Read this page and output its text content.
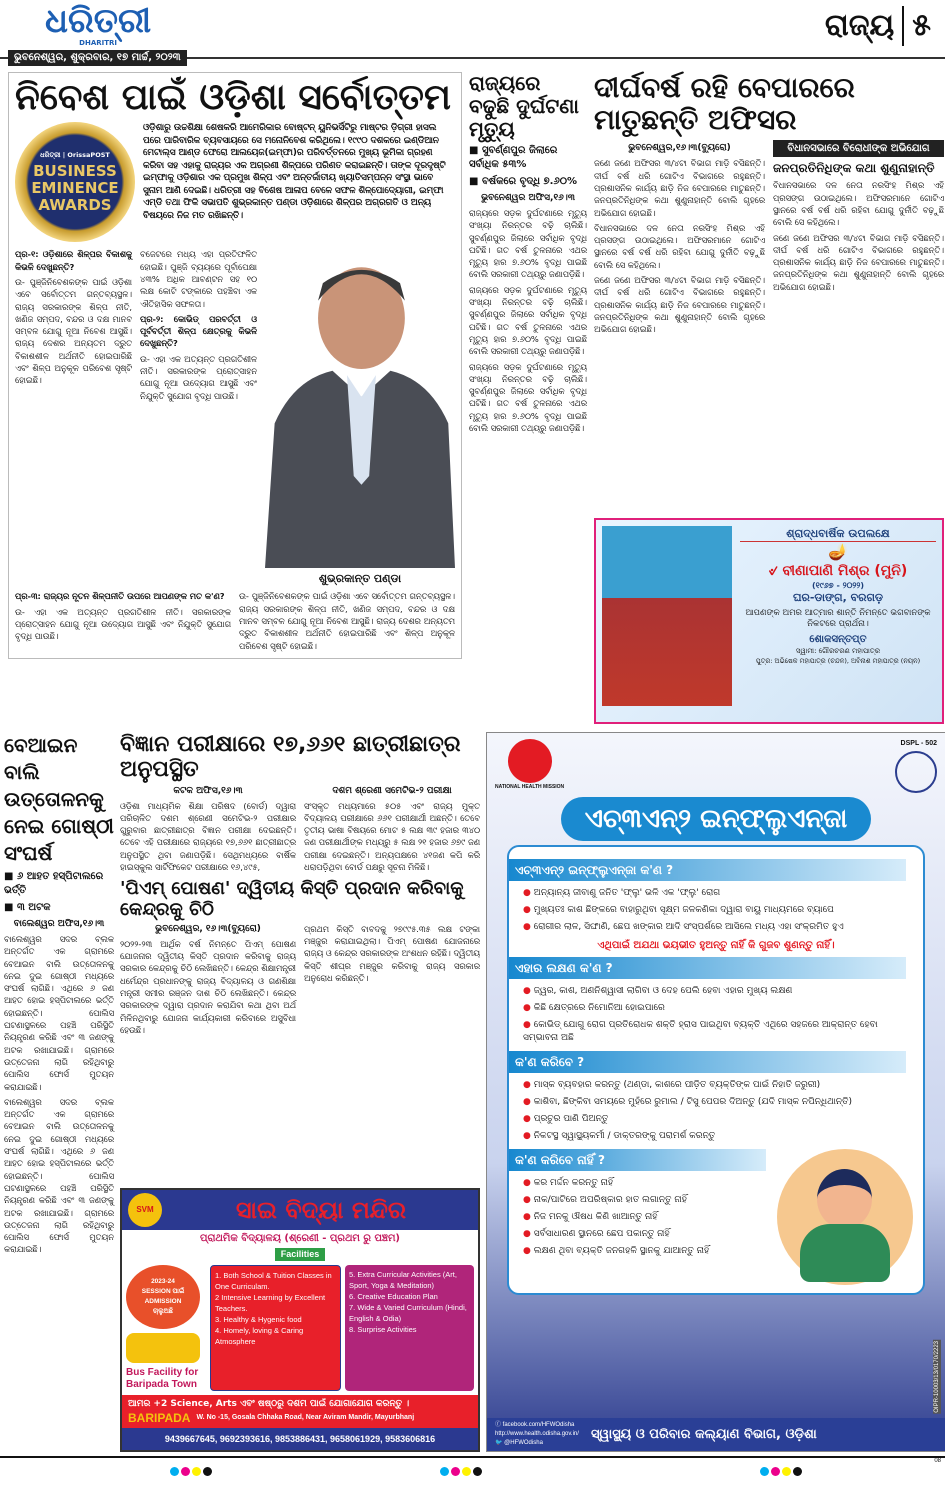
ଧରିତ୍ରୀ
DHARITRI	ରାଜ୍ୟ ୫
ଭୁବନେଶ୍ୱର, ଶୁକ୍ରବାର, ୧୭ ମାର୍ଚ୍ଚ, ୨୦୨୩
ନିବେଶ ପାଇଁ ଓଡ଼ିଶା ସର୍ବୋତ୍ତମ
ଧରିତ୍ରୀ | OrissaPOST
BUSINESS
EMINENCE
AWARDS
ଓଡ଼ିଶାରୁ ଉଚ୍ଚଶିକ୍ଷା ଶେଷକରି ଆମେରିକାର ବୋଷ୍ଟନ୍ ୟୁନିଭର୍ସିଟିରୁ ମାଷ୍ଟର ଡ଼ିଗ୍ରୀ ହାସଲ ପରେ ପାରିବାରିକ ବ୍ୟବସାୟରେ ସେ ମନୋନିବେଶ କରିଥିଲେ। ୧୯୯୦ ଦଶକରେ ଇଣ୍ଡିଆନ ମେଟାଲ୍ସ ଆଣ୍ଡ ଫେରୋ ଆଲୟେଜ(ଇମ୍ଫା)ର ପରିବର୍ତ୍ତନରେ ମୁଖ୍ୟ ଭୂମିକା ଗ୍ରହଣ କରିବା ସହ ଏହାକୁ ରାଜ୍ୟର ଏକ ଅଗ୍ରଣୀ ଶିଳ୍ପରେ ପରିଣତ କରାଇଛନ୍ତି। ତାଙ୍କ ଦୂରଦୃଷ୍ଟି ଇମ୍ଫାକୁ ଓଡ଼ିଶାର ଏକ ପ୍ରମୁଖ ଶିଳ୍ପ ଏବଂ ଅନ୍ତର୍ଜାତୀୟ ଖ୍ୟାତିସମ୍ପନ୍ନ ସଂସ୍ଥା ଭାବେ ସୁନାମ ଆଣି ଦେଇଛି। ଧରିତ୍ରୀ ସହ ବିଶେଷ ଆଳାପ ବେଳେ ସଫଳ ଶିଳ୍ପୋଦ୍ୟୋଗୀ, ଇମ୍ଫା ଏମ୍‌ଡି ତଥା ଫିକି ସଭାପତି ଶୁଭ୍ରକାନ୍ତ ପଣ୍ଡା ଓଡ଼ିଶାରେ ଶିଳ୍ପର ଅଗ୍ରଗତି ଓ ଅନ୍ୟ ବିଷୟରେ ନିଜ ମତ ରଖିଛନ୍ତି।

ପ୍ର-୧: ଓଡ଼ିଶାରେ ଶିଳ୍ପର ବିକାଶକୁ କିଭଳି ଦେଖୁଛନ୍ତି?

ଉ- ପୁଞ୍ଜିନିବେଶକଙ୍କ ପାଇଁ ଓଡ଼ିଶା ଏବେ ସର୍ବୋତ୍ତମ ଗନ୍ତବ୍ୟସ୍ଥଳ। ରାଜ୍ୟ ସରକାରଙ୍କ ଶିଳ୍ପ ନୀତି, ଖଣିଜ ସମ୍ପଦ, ବନ୍ଦର ଓ ଦକ୍ଷ ମାନବ ସମ୍ବଳ ଯୋଗୁ ନୂଆ ନିବେଶ ଆସୁଛି। ରାଜ୍ୟ ଦେଶର ଅନ୍ୟତମ ଦ୍ରୁତ ବିକାଶଶୀଳ ଅର୍ଥନୀତି ହୋଇପାରିଛି ଏବଂ ଶିଳ୍ପ ଅନୁକୂଳ ପରିବେଶ ସୃଷ୍ଟି ହୋଇଛି।

ବଜେଟରେ ମଧ୍ୟ ଏହା ପ୍ରତିଫଳିତ ହୋଇଛି। ପୁଞ୍ଜି ବ୍ୟୟରେ ପୂର୍ବାପେକ୍ଷା ୪୩% ଅଧିକ ଆବଣ୍ଟନ ସହ ୧୦ ଲକ୍ଷ କୋଟି ଟଙ୍କାରେ ପହଞ୍ଚିବା ଏକ ଐତିହାସିକ ସଫଳତା।

ପ୍ର-୨: କୋଭିଡ୍ ପରବର୍ତ୍ତୀ ଓ ପୂର୍ବବର୍ତ୍ତୀ ଶିଳ୍ପ କ୍ଷେତ୍ରକୁ କିଭଳି ଦେଖୁଛନ୍ତି?

ଉ- ଏହା ଏକ ଅତ୍ୟନ୍ତ ପ୍ରଗତିଶୀଳ ନୀତି। ସରକାରଙ୍କ ପ୍ରୋତ୍ସାହନ ଯୋଗୁ ନୂଆ ଉଦ୍ୟୋଗ ଆସୁଛି ଏବଂ ନିଯୁକ୍ତି ସୁଯୋଗ ବୃଦ୍ଧି ପାଉଛି।

ଶୁଭ୍ରକାନ୍ତ ପଣ୍ଡା

ପ୍ର-୩: ରାଜ୍ୟର ନୂତନ ଶିଳ୍ପନୀତି ଉପରେ ଆପଣଙ୍କ ମତ କ'ଣ?

ଉ- ଏହା ଏକ ଅତ୍ୟନ୍ତ ପ୍ରଗତିଶୀଳ ନୀତି। ସରକାରଙ୍କ ପ୍ରୋତ୍ସାହନ ଯୋଗୁ ନୂଆ ଉଦ୍ୟୋଗ ଆସୁଛି ଏବଂ ନିଯୁକ୍ତି ସୁଯୋଗ ବୃଦ୍ଧି ପାଉଛି।

ଉ- ପୁଞ୍ଜିନିବେଶକଙ୍କ ପାଇଁ ଓଡ଼ିଶା ଏବେ ସର୍ବୋତ୍ତମ ଗନ୍ତବ୍ୟସ୍ଥଳ। ରାଜ୍ୟ ସରକାରଙ୍କ ଶିଳ୍ପ ନୀତି, ଖଣିଜ ସମ୍ପଦ, ବନ୍ଦର ଓ ଦକ୍ଷ ମାନବ ସମ୍ବଳ ଯୋଗୁ ନୂଆ ନିବେଶ ଆସୁଛି। ରାଜ୍ୟ ଦେଶର ଅନ୍ୟତମ ଦ୍ରୁତ ବିକାଶଶୀଳ ଅର୍ଥନୀତି ହୋଇପାରିଛି ଏବଂ ଶିଳ୍ପ ଅନୁକୂଳ ପରିବେଶ ସୃଷ୍ଟି ହୋଇଛି।

ରାଜ୍ୟରେ ବଢୁଛି ଦୁର୍ଘଟଣା ମୃତ୍ୟୁ
■ ସୁବର୍ଣ୍ଣପୁର ଜିଲାରେ ସର୍ବାଧିକ ୫୩%
■ ବର୍ଷକରେ ବୃଦ୍ଧି ୭.୬୦%
ଭୁବନେଶ୍ୱର ଅଫିସ,୧୬।୩

ରାଜ୍ୟରେ ସଡ଼କ ଦୁର୍ଘଟଣାରେ ମୃତ୍ୟୁ ସଂଖ୍ୟା ନିରନ୍ତର ବଢ଼ି ଚାଲିଛି। ସୁବର୍ଣ୍ଣପୁର ଜିଲାରେ ସର୍ବାଧିକ ବୃଦ୍ଧି ଘଟିଛି। ଗତ ବର୍ଷ ତୁଳନାରେ ଏଥର ମୃତ୍ୟୁ ହାର ୭.୬୦% ବୃଦ୍ଧି ପାଇଛି ବୋଲି ସରକାରୀ ତଥ୍ୟରୁ ଜଣାପଡ଼ିଛି।

ରାଜ୍ୟରେ ସଡ଼କ ଦୁର୍ଘଟଣାରେ ମୃତ୍ୟୁ ସଂଖ୍ୟା ନିରନ୍ତର ବଢ଼ି ଚାଲିଛି। ସୁବର୍ଣ୍ଣପୁର ଜିଲାରେ ସର୍ବାଧିକ ବୃଦ୍ଧି ଘଟିଛି। ଗତ ବର୍ଷ ତୁଳନାରେ ଏଥର ମୃତ୍ୟୁ ହାର ୭.୬୦% ବୃଦ୍ଧି ପାଇଛି ବୋଲି ସରକାରୀ ତଥ୍ୟରୁ ଜଣାପଡ଼ିଛି।

ରାଜ୍ୟରେ ସଡ଼କ ଦୁର୍ଘଟଣାରେ ମୃତ୍ୟୁ ସଂଖ୍ୟା ନିରନ୍ତର ବଢ଼ି ଚାଲିଛି। ସୁବର୍ଣ୍ଣପୁର ଜିଲାରେ ସର୍ବାଧିକ ବୃଦ୍ଧି ଘଟିଛି। ଗତ ବର୍ଷ ତୁଳନାରେ ଏଥର ମୃତ୍ୟୁ ହାର ୭.୬୦% ବୃଦ୍ଧି ପାଇଛି ବୋଲି ସରକାରୀ ତଥ୍ୟରୁ ଜଣାପଡ଼ିଛି।

ଦୀର୍ଘବର୍ଷ ରହି ବେପାରରେ ମାତୁଛନ୍ତି ଅଫିସର
ଭୁବନେଶ୍ୱର,୧୬।୩(ବ୍ୟୁରୋ)

ଜଣେ ଜଣେ ଅଫିସର ୩/୪ଟା ବିଭାଗ ମାଡ଼ି ବସିଛନ୍ତି। ଦୀର୍ଘ ବର୍ଷ ଧରି ଗୋଟିଏ ବିଭାଗରେ ରହୁଛନ୍ତି। ପ୍ରଶାସନିକ କାର୍ଯ୍ୟ ଛାଡ଼ି ନିଜ ବେପାରରେ ମାତୁଛନ୍ତି। ଜନପ୍ରତିନିଧିଙ୍କ କଥା ଶୁଣୁନାହାନ୍ତି ବୋଲି ଗୃହରେ ଅଭିଯୋଗ ହୋଇଛି।

ବିଧାନସଭାରେ ଦଳ ନେତା ନରସିଂହ ମିଶ୍ର ଏହି ପ୍ରସଙ୍ଗ ଉଠାଇଥିଲେ। ଅଫିସରମାନେ ଗୋଟିଏ ସ୍ଥାନରେ ବର୍ଷ ବର୍ଷ ଧରି ରହିବା ଯୋଗୁ ଦୁର୍ନୀତି ବଢ଼ୁଛି ବୋଲି ସେ କହିଥିଲେ।

ଜଣେ ଜଣେ ଅଫିସର ୩/୪ଟା ବିଭାଗ ମାଡ଼ି ବସିଛନ୍ତି। ଦୀର୍ଘ ବର୍ଷ ଧରି ଗୋଟିଏ ବିଭାଗରେ ରହୁଛନ୍ତି। ପ୍ରଶାସନିକ କାର୍ଯ୍ୟ ଛାଡ଼ି ନିଜ ବେପାରରେ ମାତୁଛନ୍ତି। ଜନପ୍ରତିନିଧିଙ୍କ କଥା ଶୁଣୁନାହାନ୍ତି ବୋଲି ଗୃହରେ ଅଭିଯୋଗ ହୋଇଛି।

ବିଧାନସଭାରେ ବିରୋଧୀଙ୍କ ଅଭିଯୋଗ
ଜନପ୍ରତିନିଧିଙ୍କ କଥା ଶୁଣୁନାହାନ୍ତି

ବିଧାନସଭାରେ ଦଳ ନେତା ନରସିଂହ ମିଶ୍ର ଏହି ପ୍ରସଙ୍ଗ ଉଠାଇଥିଲେ। ଅଫିସରମାନେ ଗୋଟିଏ ସ୍ଥାନରେ ବର୍ଷ ବର୍ଷ ଧରି ରହିବା ଯୋଗୁ ଦୁର୍ନୀତି ବଢ଼ୁଛି ବୋଲି ସେ କହିଥିଲେ।

ଜଣେ ଜଣେ ଅଫିସର ୩/୪ଟା ବିଭାଗ ମାଡ଼ି ବସିଛନ୍ତି। ଦୀର୍ଘ ବର୍ଷ ଧରି ଗୋଟିଏ ବିଭାଗରେ ରହୁଛନ୍ତି। ପ୍ରଶାସନିକ କାର୍ଯ୍ୟ ଛାଡ଼ି ନିଜ ବେପାରରେ ମାତୁଛନ୍ତି। ଜନପ୍ରତିନିଧିଙ୍କ କଥା ଶୁଣୁନାହାନ୍ତି ବୋଲି ଗୃହରେ ଅଭିଯୋଗ ହୋଇଛି।

ଶ୍ରାଦ୍ଧବାର୍ଷିକ ଉପଲକ୍ଷେ
🪔
୰ ବୀଣାପାଣି ମିଶ୍ର (ମୁନି)
(୧୯୬୭ - ୨୦୨୨)
ଘର-ଡାଙ୍ଗ, ବରଗଡ଼
ଆପଣଙ୍କ ଅମର ଆତ୍ମାର ଶାନ୍ତି ନିମନ୍ତେ ଭଗବାନଙ୍କ ନିକଟରେ ପ୍ରାର୍ଥନା।
ଶୋକସନ୍ତପ୍ତ
ସ୍ୱାମୀ: ଗୌରଚରଣ ମହାପାତ୍ର
ପୁତ୍ର: ଅଭିଷେକ ମହାପାତ୍ର (ଚନ୍ଦନ), ଅବିନାଶ ମହାପାତ୍ର (ନୟନ)
ବେଆଇନ ବାଲି ଉତ୍ତୋଳନକୁ ନେଇ ଗୋଷ୍ଠୀ ସଂଘର୍ଷ
■ ୬ ଆହତ ହସ୍ପିଟାଲରେ ଭର୍ତ୍ତି
■ ୩ ଅଟକ
ବାଲେଶ୍ୱର ଅଫିସ,୧୬।୩

ବାଲେଶ୍ୱର ସଦର ବ୍ଲକ ଅନ୍ତର୍ଗତ ଏକ ଗ୍ରାମରେ ବେଆଇନ ବାଲି ଉତ୍ତୋଳନକୁ ନେଇ ଦୁଇ ଗୋଷ୍ଠୀ ମଧ୍ୟରେ ସଂଘର୍ଷ ଲାଗିଛି। ଏଥିରେ ୬ ଜଣ ଆହତ ହୋଇ ହସ୍ପିଟାଲରେ ଭର୍ତ୍ତି ହୋଇଛନ୍ତି। ପୋଲିସ ଘଟଣାସ୍ଥଳରେ ପହଞ୍ଚି ପରିସ୍ଥିତି ନିୟନ୍ତ୍ରଣ କରିଛି ଏବଂ ୩ ଜଣଙ୍କୁ ଅଟକ ରଖାଯାଇଛି। ଗ୍ରାମରେ ଉତ୍ତେଜନା ଲାଗି ରହିଥିବାରୁ ପୋଲିସ ଫୋର୍ସ ମୁତୟନ କରାଯାଇଛି।

ବାଲେଶ୍ୱର ସଦର ବ୍ଲକ ଅନ୍ତର୍ଗତ ଏକ ଗ୍ରାମରେ ବେଆଇନ ବାଲି ଉତ୍ତୋଳନକୁ ନେଇ ଦୁଇ ଗୋଷ୍ଠୀ ମଧ୍ୟରେ ସଂଘର୍ଷ ଲାଗିଛି। ଏଥିରେ ୬ ଜଣ ଆହତ ହୋଇ ହସ୍ପିଟାଲରେ ଭର୍ତ୍ତି ହୋଇଛନ୍ତି। ପୋଲିସ ଘଟଣାସ୍ଥଳରେ ପହଞ୍ଚି ପରିସ୍ଥିତି ନିୟନ୍ତ୍ରଣ କରିଛି ଏବଂ ୩ ଜଣଙ୍କୁ ଅଟକ ରଖାଯାଇଛି। ଗ୍ରାମରେ ଉତ୍ତେଜନା ଲାଗି ରହିଥିବାରୁ ପୋଲିସ ଫୋର୍ସ ମୁତୟନ କରାଯାଇଛି।

ବିଜ୍ଞାନ ପରୀକ୍ଷାରେ ୧୭,୬୬୧ ଛାତ୍ରୀଛାତ୍ର ଅନୁପସ୍ଥିତ
କଟକ ଅଫିସ,୧୬।୩
ଓଡ଼ିଶା ମାଧ୍ୟମିକ ଶିକ୍ଷା ପରିଷଦ (ବୋର୍ଡ) ଦ୍ୱାରା ପରିଚାଳିତ ଦଶମ ଶ୍ରେଣୀ ସମେଟିଭ-୨ ପରୀକ୍ଷାର ଗୁରୁବାର ଛାତ୍ରୀଛାତ୍ର ବିଜ୍ଞାନ ପରୀକ୍ଷା ଦେଇଛନ୍ତି। ତେବେ ଏହି ପରୀକ୍ଷାରେ ରାଜ୍ୟରେ ୧୭,୬୬୧ ଛାତ୍ରୀଛାତ୍ର ଅନୁପସ୍ଥିତ ଥିବା ଜଣାପଡ଼ିଛି। ସେଥିମଧ୍ୟରେ ବାର୍ଷିକ ହାଇସ୍କୁଲ ସାର୍ଟିଫିକେଟ ପରୀକ୍ଷାରେ ୧୬,୪୯୫,
ଦଶମ ଶ୍ରେଣୀ ସମେଟିଭ-୨ ପରୀକ୍ଷା
ସଂସ୍କୃତ ମଧ୍ୟମାରେ ୫୦୫ ଏବଂ ରାଜ୍ୟ ମୁକ୍ତ ବିଦ୍ୟାଳୟ ପରୀକ୍ଷାରେ ୬୬୧ ପରୀକ୍ଷାର୍ଥୀ ଅଛନ୍ତି। ତେବେ ତୃତୀୟ ଭାଷା ବିଷୟରେ ମୋଟ ୫ ଲକ୍ଷ ୩୯ ହଜାର ୩୪୦ ଜଣ ପରୀକ୍ଷାର୍ଥୀଙ୍କ ମଧ୍ୟରୁ ୫ ଲକ୍ଷ ୨୧ ହଜାର ୬୭୯ ଜଣ ପରୀକ୍ଷା ଦେଇଛନ୍ତି। ଅନ୍ୟପକ୍ଷରେ ୪୧ଜଣ କପି କରି ଧରାପଡ଼ିଥିବା ବୋର୍ଡ ପକ୍ଷରୁ ସୂଚନା ମିଳିଛି।
'ପିଏମ୍ ପୋଷଣ' ଦ୍ୱିତୀୟ କିସ୍ତି ପ୍ରଦାନ କରିବାକୁ କେନ୍ଦ୍ରକୁ ଚିଠି
ଭୁବନେଶ୍ୱର, ୧୬।୩(ବ୍ୟୁରୋ)
୨୦୨୨-୨୩ ଆର୍ଥିକ ବର୍ଷ ନିମନ୍ତେ ପିଏମ୍ ପୋଷଣ ଯୋଜନାର ଦ୍ୱିତୀୟ କିସ୍ତି ପ୍ରଦାନ କରିବାକୁ ରାଜ୍ୟ ସରକାର କେନ୍ଦ୍ରକୁ ଚିଠି ଲେଖିଛନ୍ତି। କେନ୍ଦ୍ର ଶିକ୍ଷାମନ୍ତ୍ରୀ ଧର୍ମେନ୍ଦ୍ର ପ୍ରଧାନଙ୍କୁ ରାଜ୍ୟ ବିଦ୍ୟାଳୟ ଓ ଗଣଶିକ୍ଷା ମନ୍ତ୍ରୀ ସମୀର ରଞ୍ଜନ ଦାଶ ଚିଠି ଲେଖିଛନ୍ତି। କେନ୍ଦ୍ର ସରକାରଙ୍କ ଦ୍ୱାରା ପ୍ରଦାନ କରାଯିବା କଥା ଥିବା ଅର୍ଥ ମିଳିନଥିବାରୁ ଯୋଜନା କାର୍ଯ୍ୟକାରୀ କରିବାରେ ଅସୁବିଧା ହେଉଛି।
ପ୍ରଥମ କିସ୍ତି ବାବଦକୁ ୨୭୯୯୫.୩୫ ଲକ୍ଷ ଟଙ୍କା ମଞ୍ଜୁର କରାଯାଇଥିଲା। ପିଏମ୍ ପୋଷଣ ଯୋଜନାରେ ରାଜ୍ୟ ଓ କେନ୍ଦ୍ର ସରକାରଙ୍କ ଅଂଶଧନ ରହିଛି। ଦ୍ୱିତୀୟ କିସ୍ତି ଶୀଘ୍ର ମଞ୍ଜୁର କରିବାକୁ ରାଜ୍ୟ ସରକାର ଅନୁରୋଧ କରିଛନ୍ତି।
SVM	ସାଇ ବିଦ୍ୟା ମନ୍ଦିର
ପ୍ରାଥମିକ ବିଦ୍ୟାଳୟ (ଶ୍ରେଣୀ - ପ୍ରଥମ ରୁ ପଞ୍ଚମ)
Facilities
2023-24
SESSION ପାଇଁ
ADMISSION
ଚାଲୁଅଛି
Bus Facility for Baripada Town
1. Both School & Tuition Classes in One Curriculam.
2 Intensive Learning by Excellent Teachers.
3. Healthy & Hygenic food
4. Homely, loving & Caring Atmosphere
5. Extra Curricular Activities (Art, Sport, Yoga & Meditation)
6. Creative Education Plan
7. Wide & Varied Curriculum (Hindi, English & Odia)
8. Surprise Activities
ଆମର +2 Science, Arts ଏବଂ ଷଷ୍ଠରୁ ଦଶମ ପାଇଁ ଯୋଗାଯୋଗ କରନ୍ତୁ ।
BARIPADA W. No -15, Gosala Chhaka Road, Near Aviram Mandir, Mayurbhanj
9439667645, 9692393616, 9853886431, 9658061929, 9583606816
NATIONAL HEALTH MISSION
DSPL - 502
ଏଚ୍‌୩ଏନ୍‌୨ ଇନ୍‌ଫ୍ଲୁଏନ୍‌ଜା
ଏଚ୍‌୩ଏନ୍‌୨ ଇନ୍‌ଫ୍ଲୁଏନ୍‌ଜା କ'ଣ ?
● ଅନ୍ୟାନ୍ୟ ଜୀବାଣୁ ଜନିତ 'ଫ୍ଲୁ' ଭଳି ଏକ 'ଫ୍ଲୁ' ରୋଗ
● ମୁଖ୍ୟତଃ କାଶ ଛିଙ୍କରେ ବାହାରୁଥିବା ସୂକ୍ଷ୍ମ ଜଳକଣିକା ଦ୍ୱାରା ବାୟୁ ମାଧ୍ୟମରେ ବ୍ୟାପେ
● ରୋଗୀର ଲାଳ, ସିଙ୍ଘାଣି, ଛେପ ଖଙ୍କାର ଆଦି ସଂସ୍ପର୍ଶରେ ଆସିଲେ ମଧ୍ୟ ଏହା ସଂକ୍ରମିତ ହୁଏ
ଏଥିପାଇଁ ଅଯଥା ଭୟଭୀତ ହୁଅନ୍ତୁ ନାହିଁ କି ଗୁଜବ ଶୁଣନ୍ତୁ ନାହିଁ।
ଏହାର ଲକ୍ଷଣ କ'ଣ ?
● ଜ୍ୱର, କାଶ, ଅଣନିଶ୍ୱାସୀ ଲାଗିବା ଓ ଦେହ ପେଲି ହେବା ଏହାର ମୁଖ୍ୟ ଲକ୍ଷଣ
● କିଛି କ୍ଷେତ୍ରରେ ନିମୋନିଆ ହୋଇପାରେ
● କୋଭିଡ୍ ଯୋଗୁ ରୋଗ ପ୍ରତିରୋଧକ ଶକ୍ତି ହ୍ରାସ ପାଇଥିବା ବ୍ୟକ୍ତି ଏଥିରେ ସହଜରେ ଆକ୍ରାନ୍ତ ହେବା ସମ୍ଭାବନା ଅଛି
କ'ଣ କରିବେ ?
● ମାସ୍କ ବ୍ୟବହାର କରନ୍ତୁ (ଥଣ୍ଡା, କାଶରେ ପୀଡ଼ିତ ବ୍ୟକ୍ତିଙ୍କ ପାଇଁ ନିହାତି ଜରୁରୀ)
● କାଶିବା, ଛିଙ୍କିବା ସମୟରେ ମୁହଁରେ ରୁମାଲ / ଟିସୁ ପେପର ଦିଅନ୍ତୁ (ଯଦି ମାସ୍କ ନପିନ୍ଧିଥାନ୍ତି)
● ପ୍ରଚୁର ପାଣି ପିଅନ୍ତୁ
● ନିକଟସ୍ଥ ସ୍ୱାସ୍ଥ୍ୟକର୍ମୀ / ଡାକ୍ତରଙ୍କୁ ପରାମର୍ଶ କରନ୍ତୁ
କ'ଣ କରିବେ ନାହିଁ ?
● କର ମର୍ଦ୍ଦନ କରନ୍ତୁ ନାହିଁ
● ନାକ/ପାଟିରେ ଅପରିଷ୍କାର ହାତ ଲଗାନ୍ତୁ ନାହିଁ
● ନିଜ ମନକୁ ଔଷଧ କିଣି ଖାଆନ୍ତୁ ନାହିଁ
● ସର୍ବସାଧାରଣ ସ୍ଥାନରେ ଛେପ ପକାନ୍ତୁ ନାହିଁ
● ଲକ୍ଷଣ ଥିବା ବ୍ୟକ୍ତି ଜନଗହଳି ସ୍ଥାନକୁ ଯାଆନ୍ତୁ ନାହିଁ
OIPR-10003/13/0170/2223
ⓕ facebook.com/HFWOdisha
http://www.health.odisha.gov.in/
🐦 @HFWOdisha
ସ୍ୱାସ୍ଥ୍ୟ ଓ ପରିବାର କଲ୍ୟାଣ ବିଭାଗ, ଓଡ଼ିଶା
08
